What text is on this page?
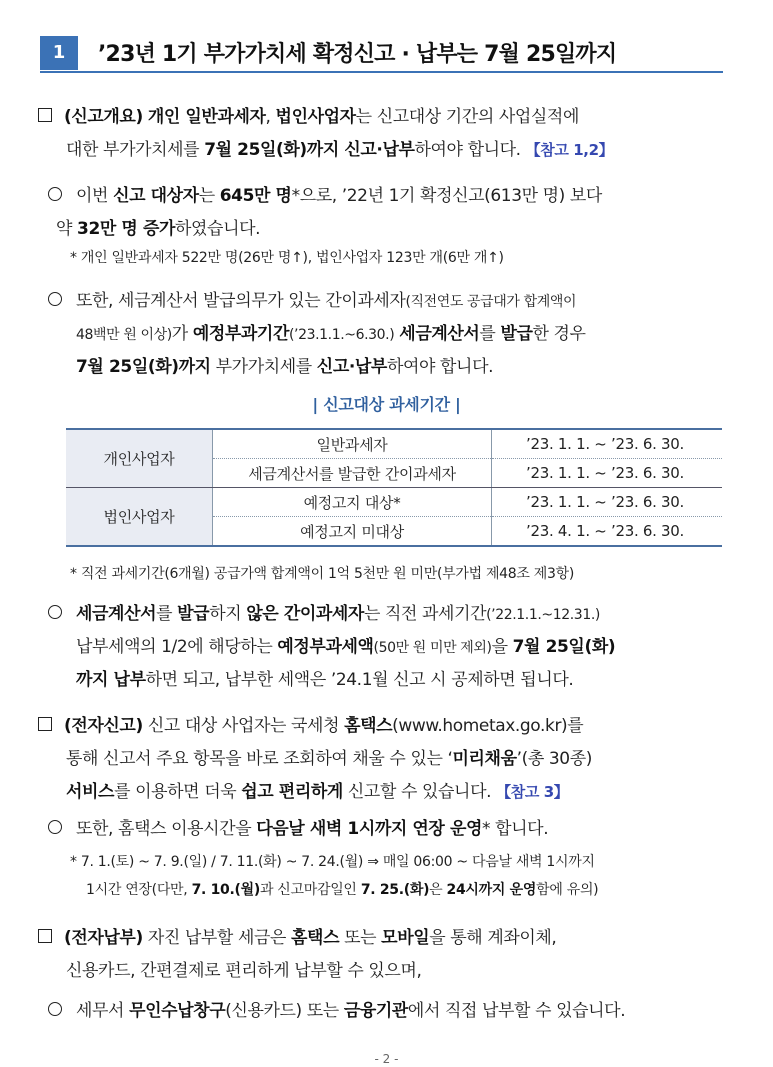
1	’23년 1기 부가가치세 확정신고 · 납부는 7월 25일까지
(신고개요) 개인 일반과세자, 법인사업자는 신고대상 기간의 사업실적에
대한 부가가치세를 7월 25일(화)까지 신고·납부하여야 합니다. 【참고 1,2】
이번 신고 대상자는 645만 명*으로, ’22년 1기 확정신고(613만 명) 보다
약 32만 명 증가하였습니다.
* 개인 일반과세자 522만 명(26만 명↑), 법인사업자 123만 개(6만 개↑)
또한, 세금계산서 발급의무가 있는 간이과세자(직전연도 공급대가 합계액이
48백만 원 이상)가 예정부과기간(’23.1.1.~6.30.) 세금계산서를 발급한 경우
7월 25일(화)까지 부가가치세를 신고·납부하여야 합니다.
| 신고대상 과세기간 |
개인사업자	일반과세자	’23. 1. 1. ~ ’23. 6. 30.
	세금계산서를 발급한 간이과세자	’23. 1. 1. ~ ’23. 6. 30.
법인사업자	예정고지 대상*	’23. 1. 1. ~ ’23. 6. 30.
	예정고지 미대상	’23. 4. 1. ~ ’23. 6. 30.
* 직전 과세기간(6개월) 공급가액 합계액이 1억 5천만 원 미만(부가법 제48조 제3항)
세금계산서를 발급하지 않은 간이과세자는 직전 과세기간(’22.1.1.~12.31.)
납부세액의 1/2에 해당하는 예정부과세액(50만 원 미만 제외)을 7월 25일(화)
까지 납부하면 되고, 납부한 세액은 ’24.1월 신고 시 공제하면 됩니다.
(전자신고) 신고 대상 사업자는 국세청 홈택스(www.hometax.go.kr)를
통해 신고서 주요 항목을 바로 조회하여 채울 수 있는 ‘미리채움’(총 30종)
서비스를 이용하면 더욱 쉽고 편리하게 신고할 수 있습니다. 【참고 3】
또한, 홈택스 이용시간을 다음날 새벽 1시까지 연장 운영* 합니다.
* 7. 1.(토) ~ 7. 9.(일) / 7. 11.(화) ~ 7. 24.(월) ⇒ 매일 06:00 ~ 다음날 새벽 1시까지
1시간 연장(다만, 7. 10.(월)과 신고마감일인 7. 25.(화)은 24시까지 운영함에 유의)
(전자납부) 자진 납부할 세금은 홈택스 또는 모바일을 통해 계좌이체,
신용카드, 간편결제로 편리하게 납부할 수 있으며,
세무서 무인수납창구(신용카드) 또는 금융기관에서 직접 납부할 수 있습니다.
- 2 -
